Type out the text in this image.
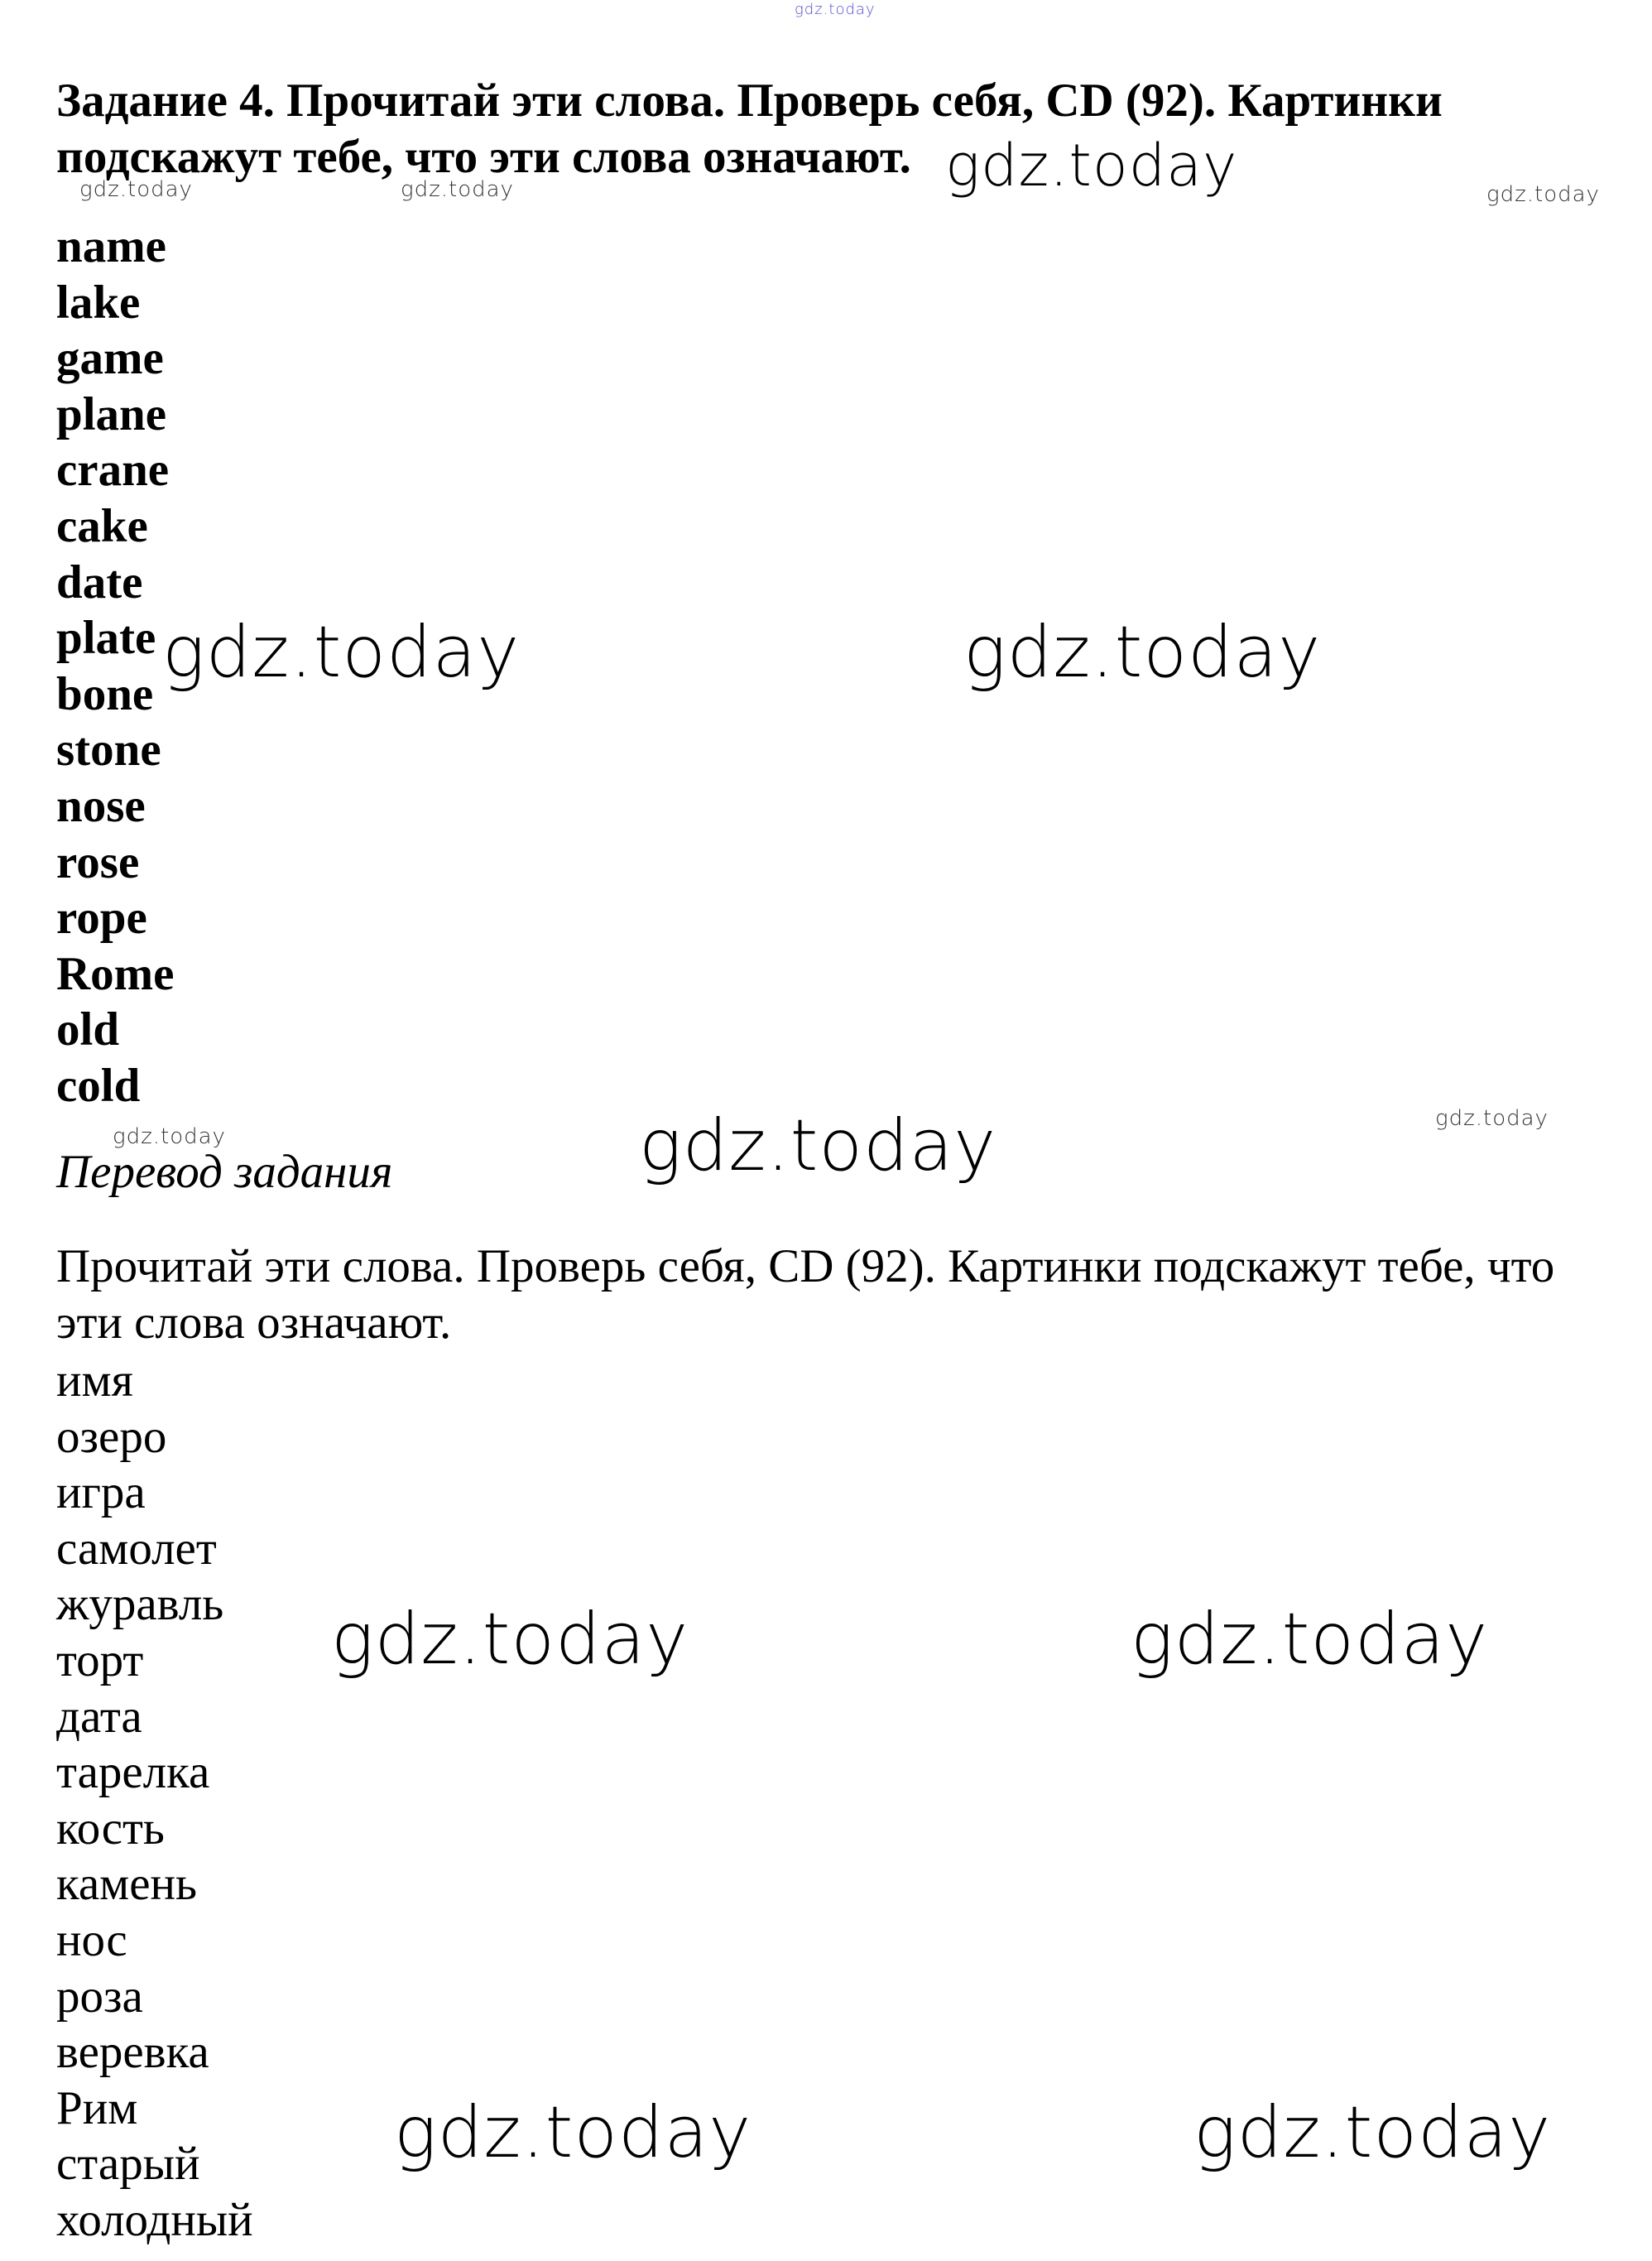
gdz.today

Задание 4. Прочитай эти слова. Проверь себя, CD (92). Картинки подскажут тебе, что эти слова означают.

name
lake
game
plane
crane
cake
date
plate
bone
stone
nose
rose
rope
Rome
old
cold
Перевод задания

Прочитай эти слова. Проверь себя, CD (92). Картинки подскажут тебе, что эти слова означают.

имя
озеро
игра
самолет
журавль
торт
дата
тарелка
кость
камень
нос
роза
веревка
Рим
старый
холодный
gdz.today	gdz.today	gdz.today	gdz.today
gdz.today	gdz.today
gdz.today	gdz.today	gdz.today
gdz.today	gdz.today
gdz.today	gdz.today
